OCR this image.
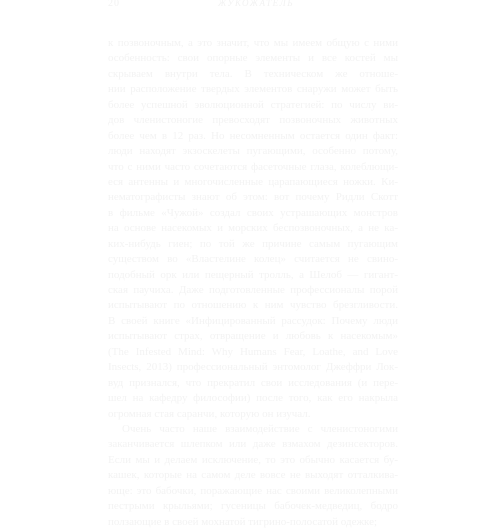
20	ЖУКОЖАТЕЛЬ
к позвоночным, а это значит, что мы имеем общую с ними
особенность: свои опорные элементы и все костей мы
скрываем внутри тела. В техническом же отноше-
нии расположение твердых элементов снаружи может быть
более успешной эволюционной стратегией: по числу ви-
дов членистоногие превосходят позвоночных животных
более чем в 12 раз. Но несомненным остается один факт:
люди находят экзоскелеты пугающими, особенно потому,
что с ними часто сочетаются фасеточные глаза, колеблющи-
еся антенны и многочисленные царапающиеся ножки. Ки-
нематографисты знают об этом: вот почему Ридли Скотт
в фильме «Чужой» создал своих устрашающих монстров
на основе насекомых и морских беспозвоночных, а не ка-
ких-нибудь гиен; по той же причине самым пугающим
существом во «Властелине колец» считается не свино-
подобный орк или пещерный тролль, а Шелоб — гигант-
ская паучиха. Даже подготовленные профессионалы порой
испытывают по отношению к ним чувство брезгливости.
В своей книге «Инфицированный рассудок: Почему люди
испытывают страх, отвращение и любовь к насекомым»
(The Infested Mind: Why Humans Fear, Loathe, and Love
Insects, 2013) профессиональный энтомолог Джеффри Лок-
вуд признался, что прекратил свои исследования (и пере-
шел на кафедру философии) после того, как его накрыла
огромная стая саранчи, которую он изучал.
Очень часто наше взаимодействие с членистоногими
заканчивается шлепком или даже взмахом дезинсекторов.
Если мы и делаем исключение, то это обычно касается бу-
кашек, которые на самом деле вовсе не выходят отталкива-
юще: это бабочки, поражающие нас своими великолепными
пестрыми крыльями; гусеницы бабочек-медведиц, бодро
ползающие в своей мохнатой тигрино-полосатой одежке;
